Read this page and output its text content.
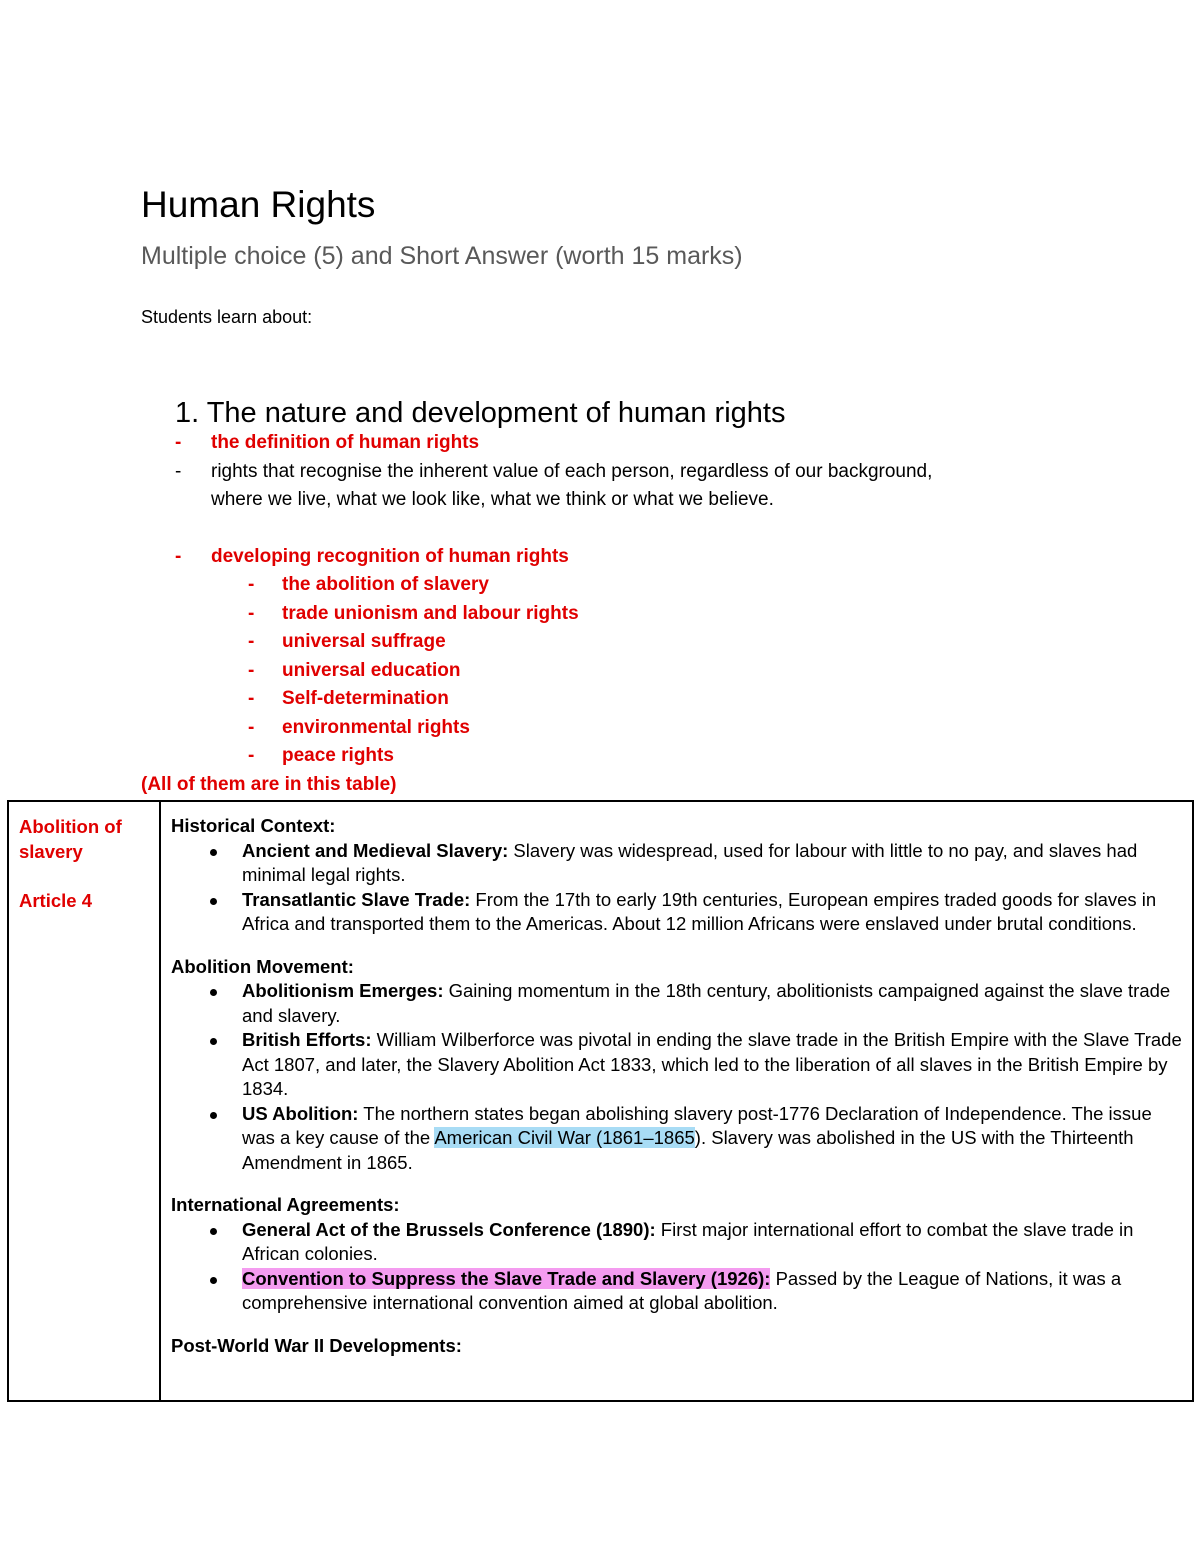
Human Rights
Multiple choice (5) and Short Answer (worth 15 marks)
Students learn about:
1. The nature and development of human rights
- the definition of human rights
- rights that recognise the inherent value of each person, regardless of our background,
where we live, what we look like, what we think or what we believe.
- developing recognition of human rights
- the abolition of slavery
- trade unionism and labour rights
- universal suffrage
- universal education
- Self-determination
- environmental rights
- peace rights
(All of them are in this table)
Abolition of slavery
Article 4

Historical Context:

Ancient and Medieval Slavery: Slavery was widespread, used for labour with little to no pay, and slaves had minimal legal rights.
Transatlantic Slave Trade: From the 17th to early 19th centuries, European empires traded goods for slaves in Africa and transported them to the Americas. About 12 million Africans were enslaved under brutal conditions.

Abolition Movement:

Abolitionism Emerges: Gaining momentum in the 18th century, abolitionists campaigned against the slave trade and slavery.
British Efforts: William Wilberforce was pivotal in ending the slave trade in the British Empire with the Slave Trade Act 1807, and later, the Slavery Abolition Act 1833, which led to the liberation of all slaves in the British Empire by 1834.
US Abolition: The northern states began abolishing slavery post-1776 Declaration of Independence. The issue was a key cause of the American Civil War (1861–1865). Slavery was abolished in the US with the Thirteenth Amendment in 1865.

International Agreements:

General Act of the Brussels Conference (1890): First major international effort to combat the slave trade in African colonies.
Convention to Suppress the Slave Trade and Slavery (1926): Passed by the League of Nations, it was a comprehensive international convention aimed at global abolition.

Post-World War II Developments:
